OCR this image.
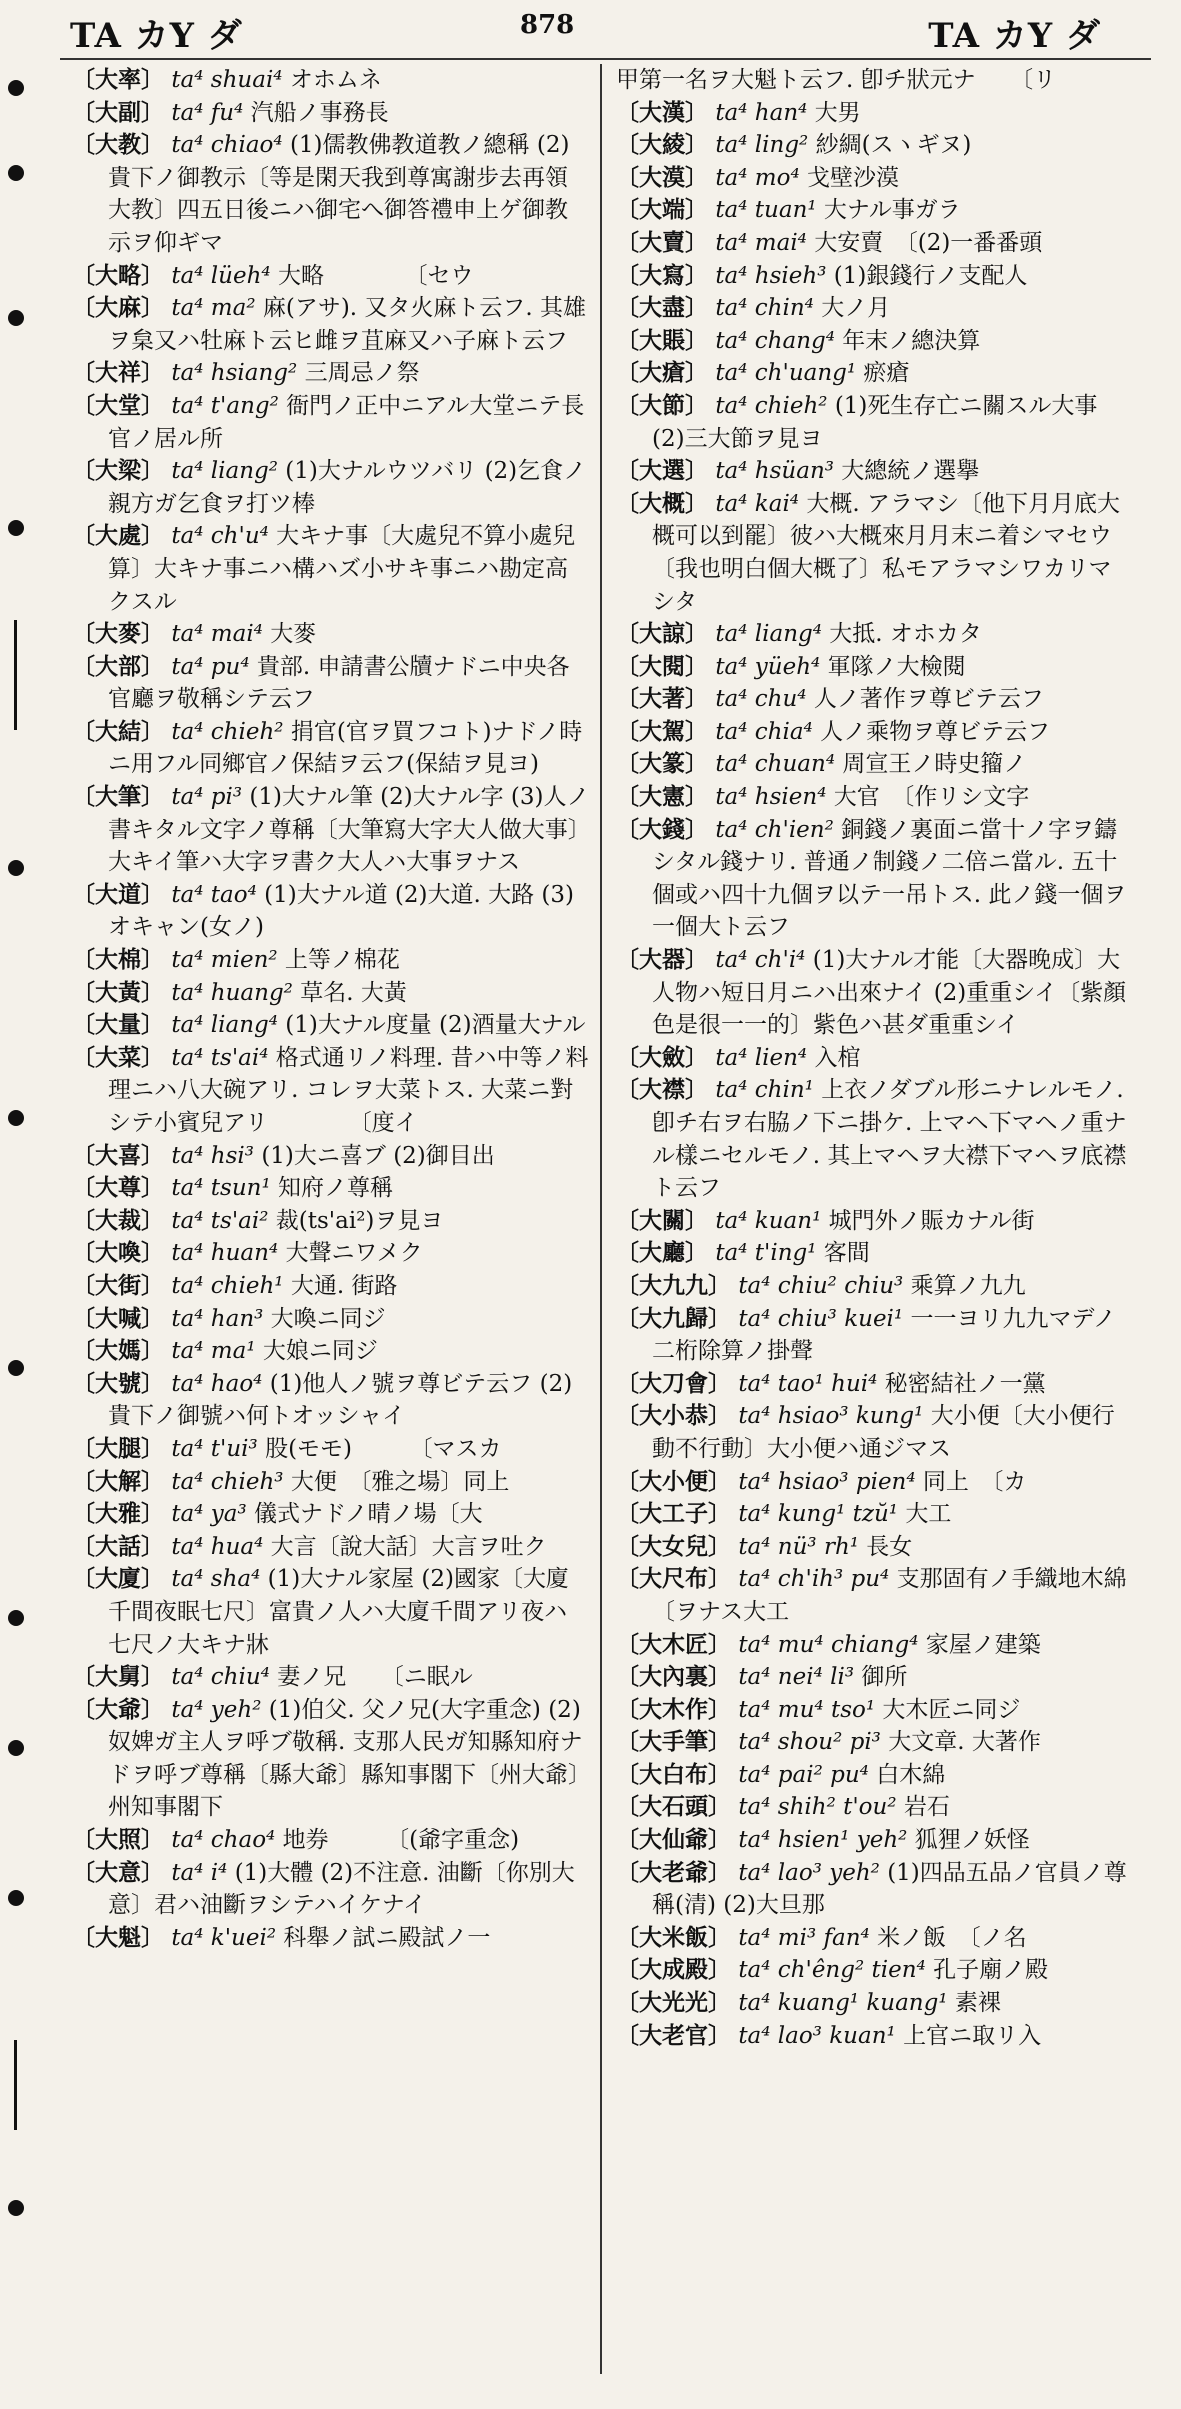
TA カY ダ	878	TA カY ダ
〔大率〕 ta⁴ shuai⁴ オホムネ
〔大副〕 ta⁴ fu⁴ 汽船ノ事務長
〔大教〕 ta⁴ chiao⁴ (1)儒教佛教道教ノ總稱 (2)貴下ノ御教示〔等是閑天我到尊寓謝步去再領大教〕四五日後ニハ御宅へ御答禮申上ゲ御教示ヲ仰ギマ
〔大略〕 ta⁴ lüeh⁴ 大略　　　　〔セウ
〔大麻〕 ta⁴ ma² 麻(アサ). 又タ火麻ト云フ. 其雄ヲ枲又ハ牡麻ト云ヒ雌ヲ苴麻又ハ子麻ト云フ
〔大祥〕 ta⁴ hsiang² 三周忌ノ祭
〔大堂〕 ta⁴ t'ang² 衙門ノ正中ニアル大堂ニテ長官ノ居ル所
〔大梁〕 ta⁴ liang² (1)大ナルウツバリ (2)乞食ノ親方ガ乞食ヲ打ツ棒
〔大處〕 ta⁴ ch'u⁴ 大キナ事〔大處兒不算小處兒算〕大キナ事ニハ構ハズ小サキ事ニハ勘定高クスル
〔大麥〕 ta⁴ mai⁴ 大麥
〔大部〕 ta⁴ pu⁴ 貴部. 申請書公牘ナドニ中央各官廳ヲ敬稱シテ云フ
〔大結〕 ta⁴ chieh² 捐官(官ヲ買フコト)ナドノ時ニ用フル同鄉官ノ保結ヲ云フ(保結ヲ見ヨ)
〔大筆〕 ta⁴ pi³ (1)大ナル筆 (2)大ナル字 (3)人ノ書キタル文字ノ尊稱〔大筆寫大字大人做大事〕大キイ筆ハ大字ヲ書ク大人ハ大事ヲナス
〔大道〕 ta⁴ tao⁴ (1)大ナル道 (2)大道. 大路 (3)オキャン(女ノ)
〔大棉〕 ta⁴ mien² 上等ノ棉花
〔大黃〕 ta⁴ huang² 草名. 大黃
〔大量〕 ta⁴ liang⁴ (1)大ナル度量 (2)酒量大ナル
〔大菜〕 ta⁴ ts'ai⁴ 格式通リノ料理. 昔ハ中等ノ料理ニハ八大碗アリ. コレヲ大菜トス. 大菜ニ對シテ小賓兒アリ　　　　〔度イ
〔大喜〕 ta⁴ hsi³ (1)大ニ喜ブ (2)御目出
〔大尊〕 ta⁴ tsun¹ 知府ノ尊稱
〔大裁〕 ta⁴ ts'ai² 裁(ts'ai²)ヲ見ヨ
〔大喚〕 ta⁴ huan⁴ 大聲ニワメク
〔大街〕 ta⁴ chieh¹ 大通. 街路
〔大喊〕 ta⁴ han³ 大喚ニ同ジ
〔大媽〕 ta⁴ ma¹ 大娘ニ同ジ
〔大號〕 ta⁴ hao⁴ (1)他人ノ號ヲ尊ビテ云フ (2)貴下ノ御號ハ何トオッシャイ
〔大腿〕 ta⁴ t'ui³ 股(モモ)　　　〔マスカ
〔大解〕 ta⁴ chieh³ 大便　〔雅之場〕同上
〔大雅〕 ta⁴ ya³ 儀式ナドノ晴ノ場〔大
〔大話〕 ta⁴ hua⁴ 大言〔說大話〕大言ヲ吐ク
〔大廈〕 ta⁴ sha⁴ (1)大ナル家屋 (2)國家〔大廈千間夜眠七尺〕富貴ノ人ハ大廈千間アリ夜ハ七尺ノ大キナ牀
〔大舅〕 ta⁴ chiu⁴ 妻ノ兄　　〔ニ眠ル
〔大爺〕 ta⁴ yeh² (1)伯父. 父ノ兄(大字重念) (2)奴婢ガ主人ヲ呼ブ敬稱. 支那人民ガ知縣知府ナドヲ呼ブ尊稱〔縣大爺〕縣知事閣下〔州大爺〕州知事閣下
〔大照〕 ta⁴ chao⁴ 地券　　　〔(爺字重念)
〔大意〕 ta⁴ i⁴ (1)大體 (2)不注意. 油斷〔你別大意〕君ハ油斷ヲシテハイケナイ
〔大魁〕 ta⁴ k'uei² 科舉ノ試ニ殿試ノ一
甲第一名ヲ大魁ト云フ. 卽チ狀元ナ　　〔リ
〔大漢〕 ta⁴ han⁴ 大男
〔大綾〕 ta⁴ ling² 紗綢(スヽギヌ)
〔大漠〕 ta⁴ mo⁴ 戈壁沙漠
〔大端〕 ta⁴ tuan¹ 大ナル事ガラ
〔大賣〕 ta⁴ mai⁴ 大安賣　〔(2)一番番頭
〔大寫〕 ta⁴ hsieh³ (1)銀錢行ノ支配人
〔大盡〕 ta⁴ chin⁴ 大ノ月
〔大賬〕 ta⁴ chang⁴ 年末ノ總決算
〔大瘡〕 ta⁴ ch'uang¹ 瘀瘡
〔大節〕 ta⁴ chieh² (1)死生存亡ニ關スル大事 (2)三大節ヲ見ヨ
〔大選〕 ta⁴ hsüan³ 大總統ノ選擧
〔大概〕 ta⁴ kai⁴ 大概. アラマシ〔他下月月底大概可以到罷〕彼ハ大概來月月末ニ着シマセウ〔我也明白個大概了〕私モアラマシワカリマシタ
〔大諒〕 ta⁴ liang⁴ 大抵. オホカタ
〔大閱〕 ta⁴ yüeh⁴ 軍隊ノ大檢閱
〔大著〕 ta⁴ chu⁴ 人ノ著作ヲ尊ビテ云フ
〔大駕〕 ta⁴ chia⁴ 人ノ乘物ヲ尊ビテ云フ
〔大篆〕 ta⁴ chuan⁴ 周宣王ノ時史籀ノ
〔大憲〕 ta⁴ hsien⁴ 大官　〔作リシ文字
〔大錢〕 ta⁴ ch'ien² 銅錢ノ裏面ニ當十ノ字ヲ鑄シタル錢ナリ. 普通ノ制錢ノ二倍ニ當ル. 五十個或ハ四十九個ヲ以テ一吊トス. 此ノ錢一個ヲ一個大ト云フ
〔大器〕 ta⁴ ch'i⁴ (1)大ナル才能〔大器晚成〕大人物ハ短日月ニハ出來ナイ (2)重重シイ〔紫顏色是很一一的〕紫色ハ甚ダ重重シイ
〔大斂〕 ta⁴ lien⁴ 入棺
〔大襟〕 ta⁴ chin¹ 上衣ノダブル形ニナレルモノ. 卽チ右ヲ右脇ノ下ニ掛ケ. 上マヘ下マヘノ重ナル樣ニセルモノ. 其上マヘヲ大襟下マヘヲ底襟ト云フ
〔大關〕 ta⁴ kuan¹ 城門外ノ賑カナル街
〔大廳〕 ta⁴ t'ing¹ 客間
〔大九九〕 ta⁴ chiu² chiu³ 乘算ノ九九
〔大九歸〕 ta⁴ chiu³ kuei¹ 一一ヨリ九九マデノ二桁除算ノ掛聲
〔大刀會〕 ta⁴ tao¹ hui⁴ 秘密結社ノ一黨
〔大小恭〕 ta⁴ hsiao³ kung¹ 大小便〔大小便行動不行動〕大小便ハ通ジマス
〔大小便〕 ta⁴ hsiao³ pien⁴ 同上　〔カ
〔大工子〕 ta⁴ kung¹ tzŭ¹ 大工
〔大女兒〕 ta⁴ nü³ rh¹ 長女
〔大尺布〕 ta⁴ ch'ih³ pu⁴ 支那固有ノ手織地木綿　　〔ヲナス大工
〔大木匠〕 ta⁴ mu⁴ chiang⁴ 家屋ノ建築
〔大內裏〕 ta⁴ nei⁴ li³ 御所
〔大木作〕 ta⁴ mu⁴ tso¹ 大木匠ニ同ジ
〔大手筆〕 ta⁴ shou² pi³ 大文章. 大著作
〔大白布〕 ta⁴ pai² pu⁴ 白木綿
〔大石頭〕 ta⁴ shih² t'ou² 岩石
〔大仙爺〕 ta⁴ hsien¹ yeh² 狐狸ノ妖怪
〔大老爺〕 ta⁴ lao³ yeh² (1)四品五品ノ官員ノ尊稱(清) (2)大旦那
〔大米飯〕 ta⁴ mi³ fan⁴ 米ノ飯　〔ノ名
〔大成殿〕 ta⁴ ch'êng² tien⁴ 孔子廟ノ殿
〔大光光〕 ta⁴ kuang¹ kuang¹ 素裸
〔大老官〕 ta⁴ lao³ kuan¹ 上官ニ取リ入
